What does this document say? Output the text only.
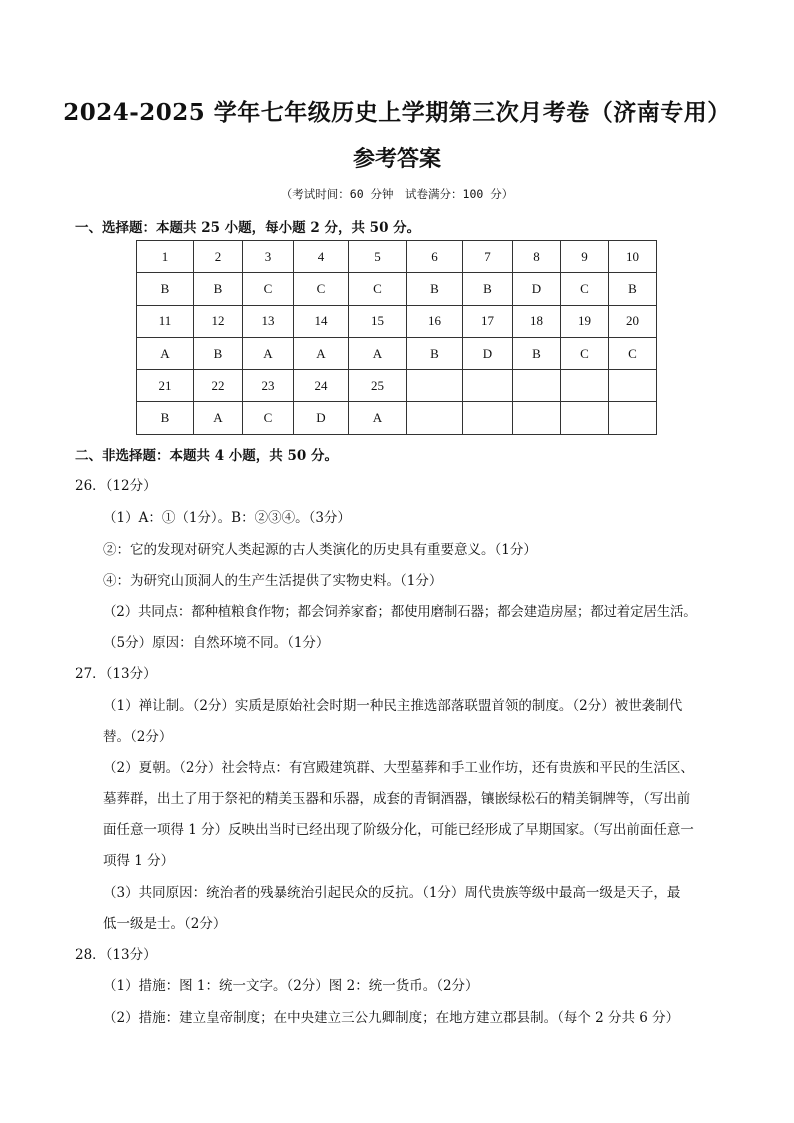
2024-2025 学年七年级历史上学期第三次月考卷（济南专用）
参考答案
（考试时间：60 分钟　试卷满分：100 分）
一、选择题：本题共 25 小题，每小题 2 分，共 50 分。
1	2	3	4	5	6	7	8	9	10
B	B	C	C	C	B	B	D	C	B
11	12	13	14	15	16	17	18	19	20
A	B	A	A	A	B	D	B	C	C
21	22	23	24	25					
B	A	C	D	A					
二、非选择题：本题共 4 小题，共 50 分。
26．（12分）
（1）A：①（1分）。B：②③④。（3分）
②：它的发现对研究人类起源的古人类演化的历史具有重要意义。（1分）
④：为研究山顶洞人的生产生活提供了实物史料。（1分）
（2）共同点：都种植粮食作物；都会饲养家畜；都使用磨制石器；都会建造房屋；都过着定居生活。
（5分）原因：自然环境不同。（1分）
27．（13分）
（1）禅让制。（2分）实质是原始社会时期一种民主推选部落联盟首领的制度。（2分）被世袭制代
替。（2分）
（2）夏朝。（2分）社会特点：有宫殿建筑群、大型墓葬和手工业作坊，还有贵族和平民的生活区、
墓葬群，出土了用于祭祀的精美玉器和乐器，成套的青铜酒器，镶嵌绿松石的精美铜牌等，（写出前
面任意一项得 1 分）反映出当时已经出现了阶级分化，可能已经形成了早期国家。（写出前面任意一
项得 1 分）
（3）共同原因：统治者的残暴统治引起民众的反抗。（1分）周代贵族等级中最高一级是天子，最
低一级是士。（2分）
28．（13分）
（1）措施：图 1：统一文字。（2分）图 2：统一货币。（2分）
（2）措施：建立皇帝制度；在中央建立三公九卿制度；在地方建立郡县制。（每个 2 分共 6 分）
